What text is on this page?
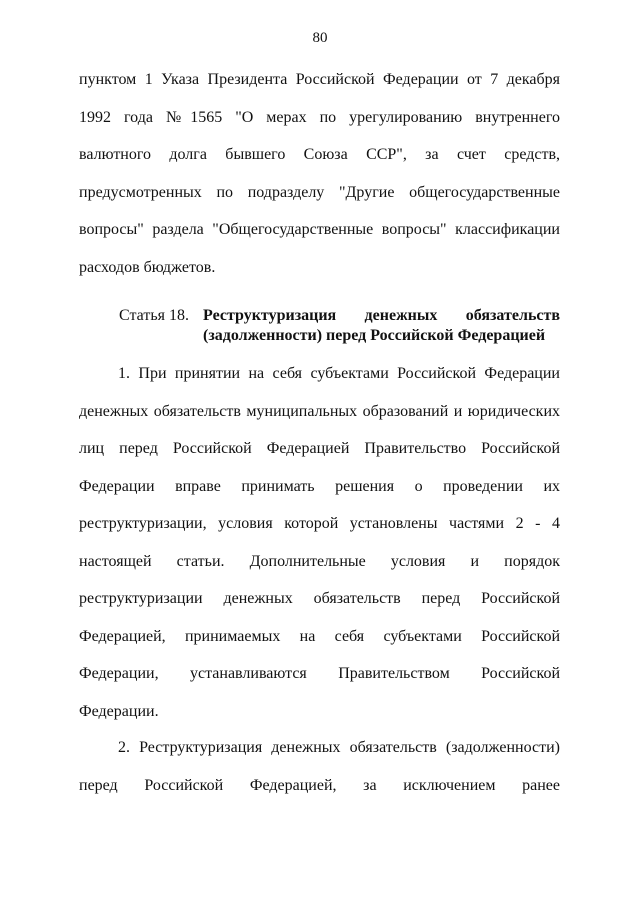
80
пунктом 1 Указа Президента Российской Федерации от 7 декабря
1992 года №1565 "О мерах по урегулированию внутреннего
валютного долга бывшего Союза ССР", за счет средств,
предусмотренных по подразделу "Другие общегосударственные
вопросы" раздела "Общегосударственные вопросы" классификации
расходов бюджетов.
Статья 18. Реструктуризация денежных обязательств
(задолженности) перед Российской Федерацией
1. При принятии на себя субъектами Российской Федерации
денежных обязательств муниципальных образований и юридических
лиц перед Российской Федерацией Правительство Российской
Федерации вправе принимать решения о проведении их
реструктуризации, условия которой установлены частями 2 - 4
настоящей статьи. Дополнительные условия и порядок
реструктуризации денежных обязательств перед Российской
Федерацией, принимаемых на себя субъектами Российской
Федерации, устанавливаются Правительством Российской
Федерации.
2. Реструктуризация денежных обязательств (задолженности)
перед Российской Федерацией, за исключением ранее
